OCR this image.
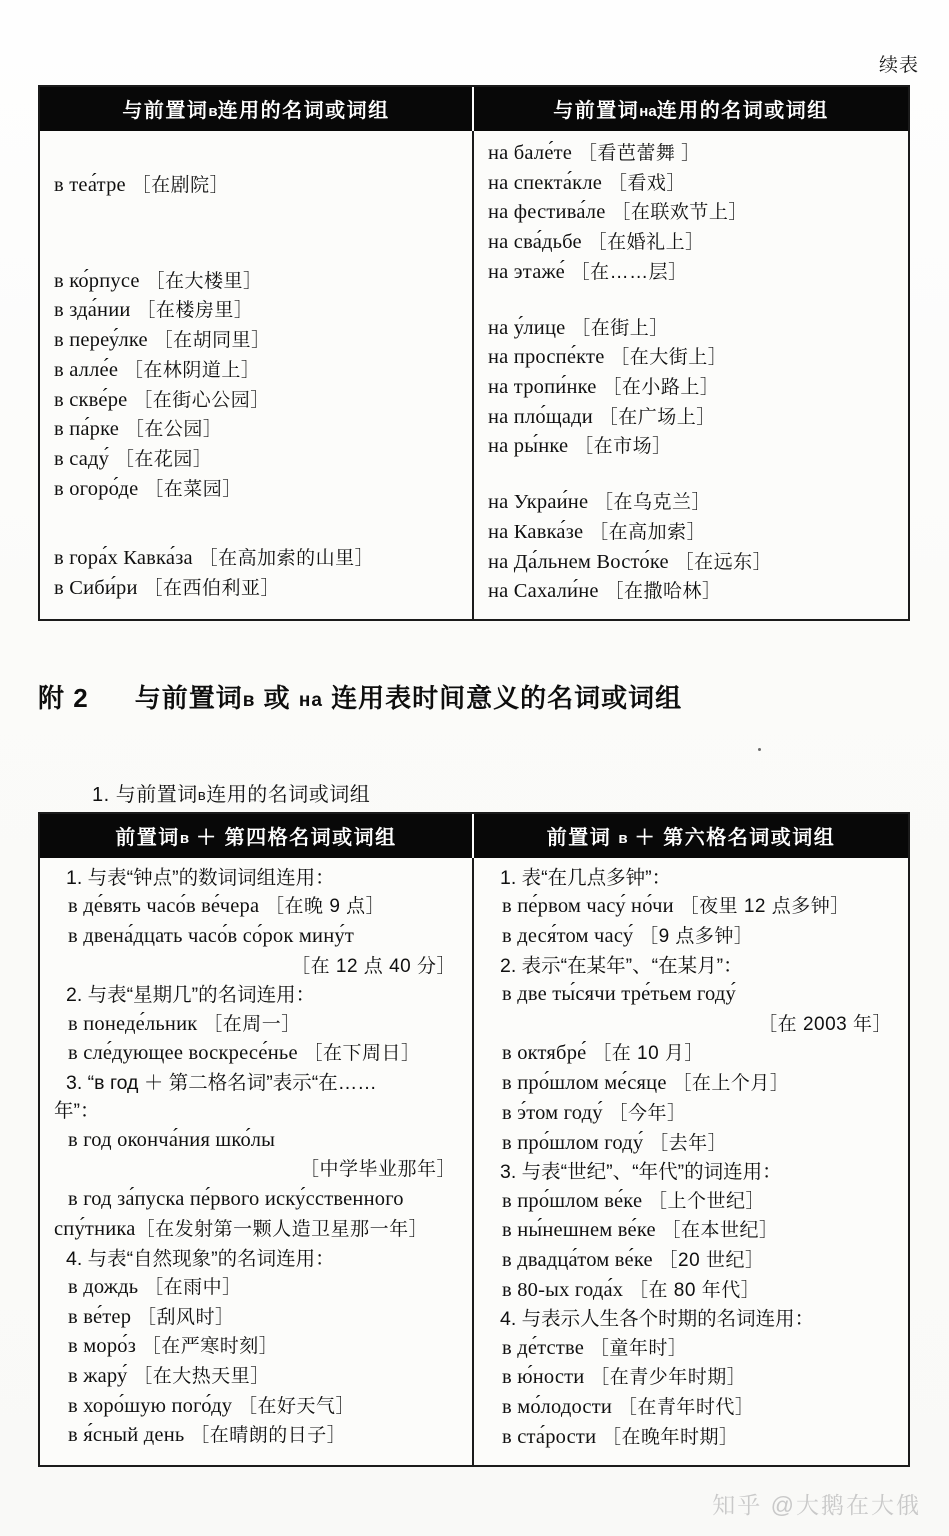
续表
与前置词в连用的名词或词组	与前置词на连用的名词或词组
в теа́тре ［在剧院］
в ко́рпусе ［在大楼里］
в зда́нии ［在楼房里］
в переу́лке ［在胡同里］
в алле́е ［在林阴道上］
в скве́ре ［在街心公园］
в па́рке ［在公园］
в саду́ ［在花园］
в огоро́де ［在菜园］
в гора́х Кавка́за ［在高加索的山里］
в Сиби́ри ［在西伯利亚］
на бале́те ［看芭蕾舞 ］
на спекта́кле ［看戏］
на фестива́ле ［在联欢节上］
на сва́дьбе ［在婚礼上］
на этаже́ ［在……层］
на у́лице ［在街上］
на проспе́кте ［在大街上］
на тропи́нке ［在小路上］
на пло́щади ［在广场上］
на ры́нке ［在市场］
на Украи́не ［在乌克兰］
на Кавка́зе ［在高加索］
на Да́льнем Восто́ке ［在远东］
на Сахали́не ［在撒哈林］
附 2 与前置词в 或 на 连用表时间意义的名词或词组
1. 与前置词в连用的名词或词组
前置词в ＋ 第四格名词或词组	前置词 в ＋ 第六格名词或词组
1. 与表“钟点”的数词词组连用：
в де́вять часо́в ве́чера ［在晚 9 点］
в двена́дцать часо́в со́рок мину́т
［在 12 点 40 分］
2. 与表“星期几”的名词连用：
в понеде́льник ［在周一］
в сле́дующее воскресе́нье ［在下周日］
3. “в год ＋ 第二格名词”表示“在……
年”：
в год оконча́ния шко́лы
［中学毕业那年］
в год за́пуска пе́рвого иску́сственного
спу́тника［在发射第一颗人造卫星那一年］
4. 与表“自然现象”的名词连用：
в дождь ［在雨中］
в ве́тер ［刮风时］
в моро́з ［在严寒时刻］
в жару́ ［在大热天里］
в хоро́шую пого́ду ［在好天气］
в я́сный день ［在晴朗的日子］
1. 表“在几点多钟”：
в пе́рвом часу́ но́чи ［夜里 12 点多钟］
в деся́том часу́ ［9 点多钟］
2. 表示“在某年”、“在某月”：
в две ты́сячи тре́тьем году́
［在 2003 年］
в октябре́ ［在 10 月］
в про́шлом ме́сяце ［在上个月］
в э́том году́ ［今年］
в про́шлом году́ ［去年］
3. 与表“世纪”、“年代”的词连用：
в про́шлом ве́ке ［上个世纪］
в ны́нешнем ве́ке ［在本世纪］
в двадца́том ве́ке ［20 世纪］
в 80-ых года́х ［在 80 年代］
4. 与表示人生各个时期的名词连用：
в де́тстве ［童年时］
в ю́ности ［在青少年时期］
в мо́лодости ［在青年时代］
в ста́рости ［在晚年时期］
知乎 @大鹅在大俄
